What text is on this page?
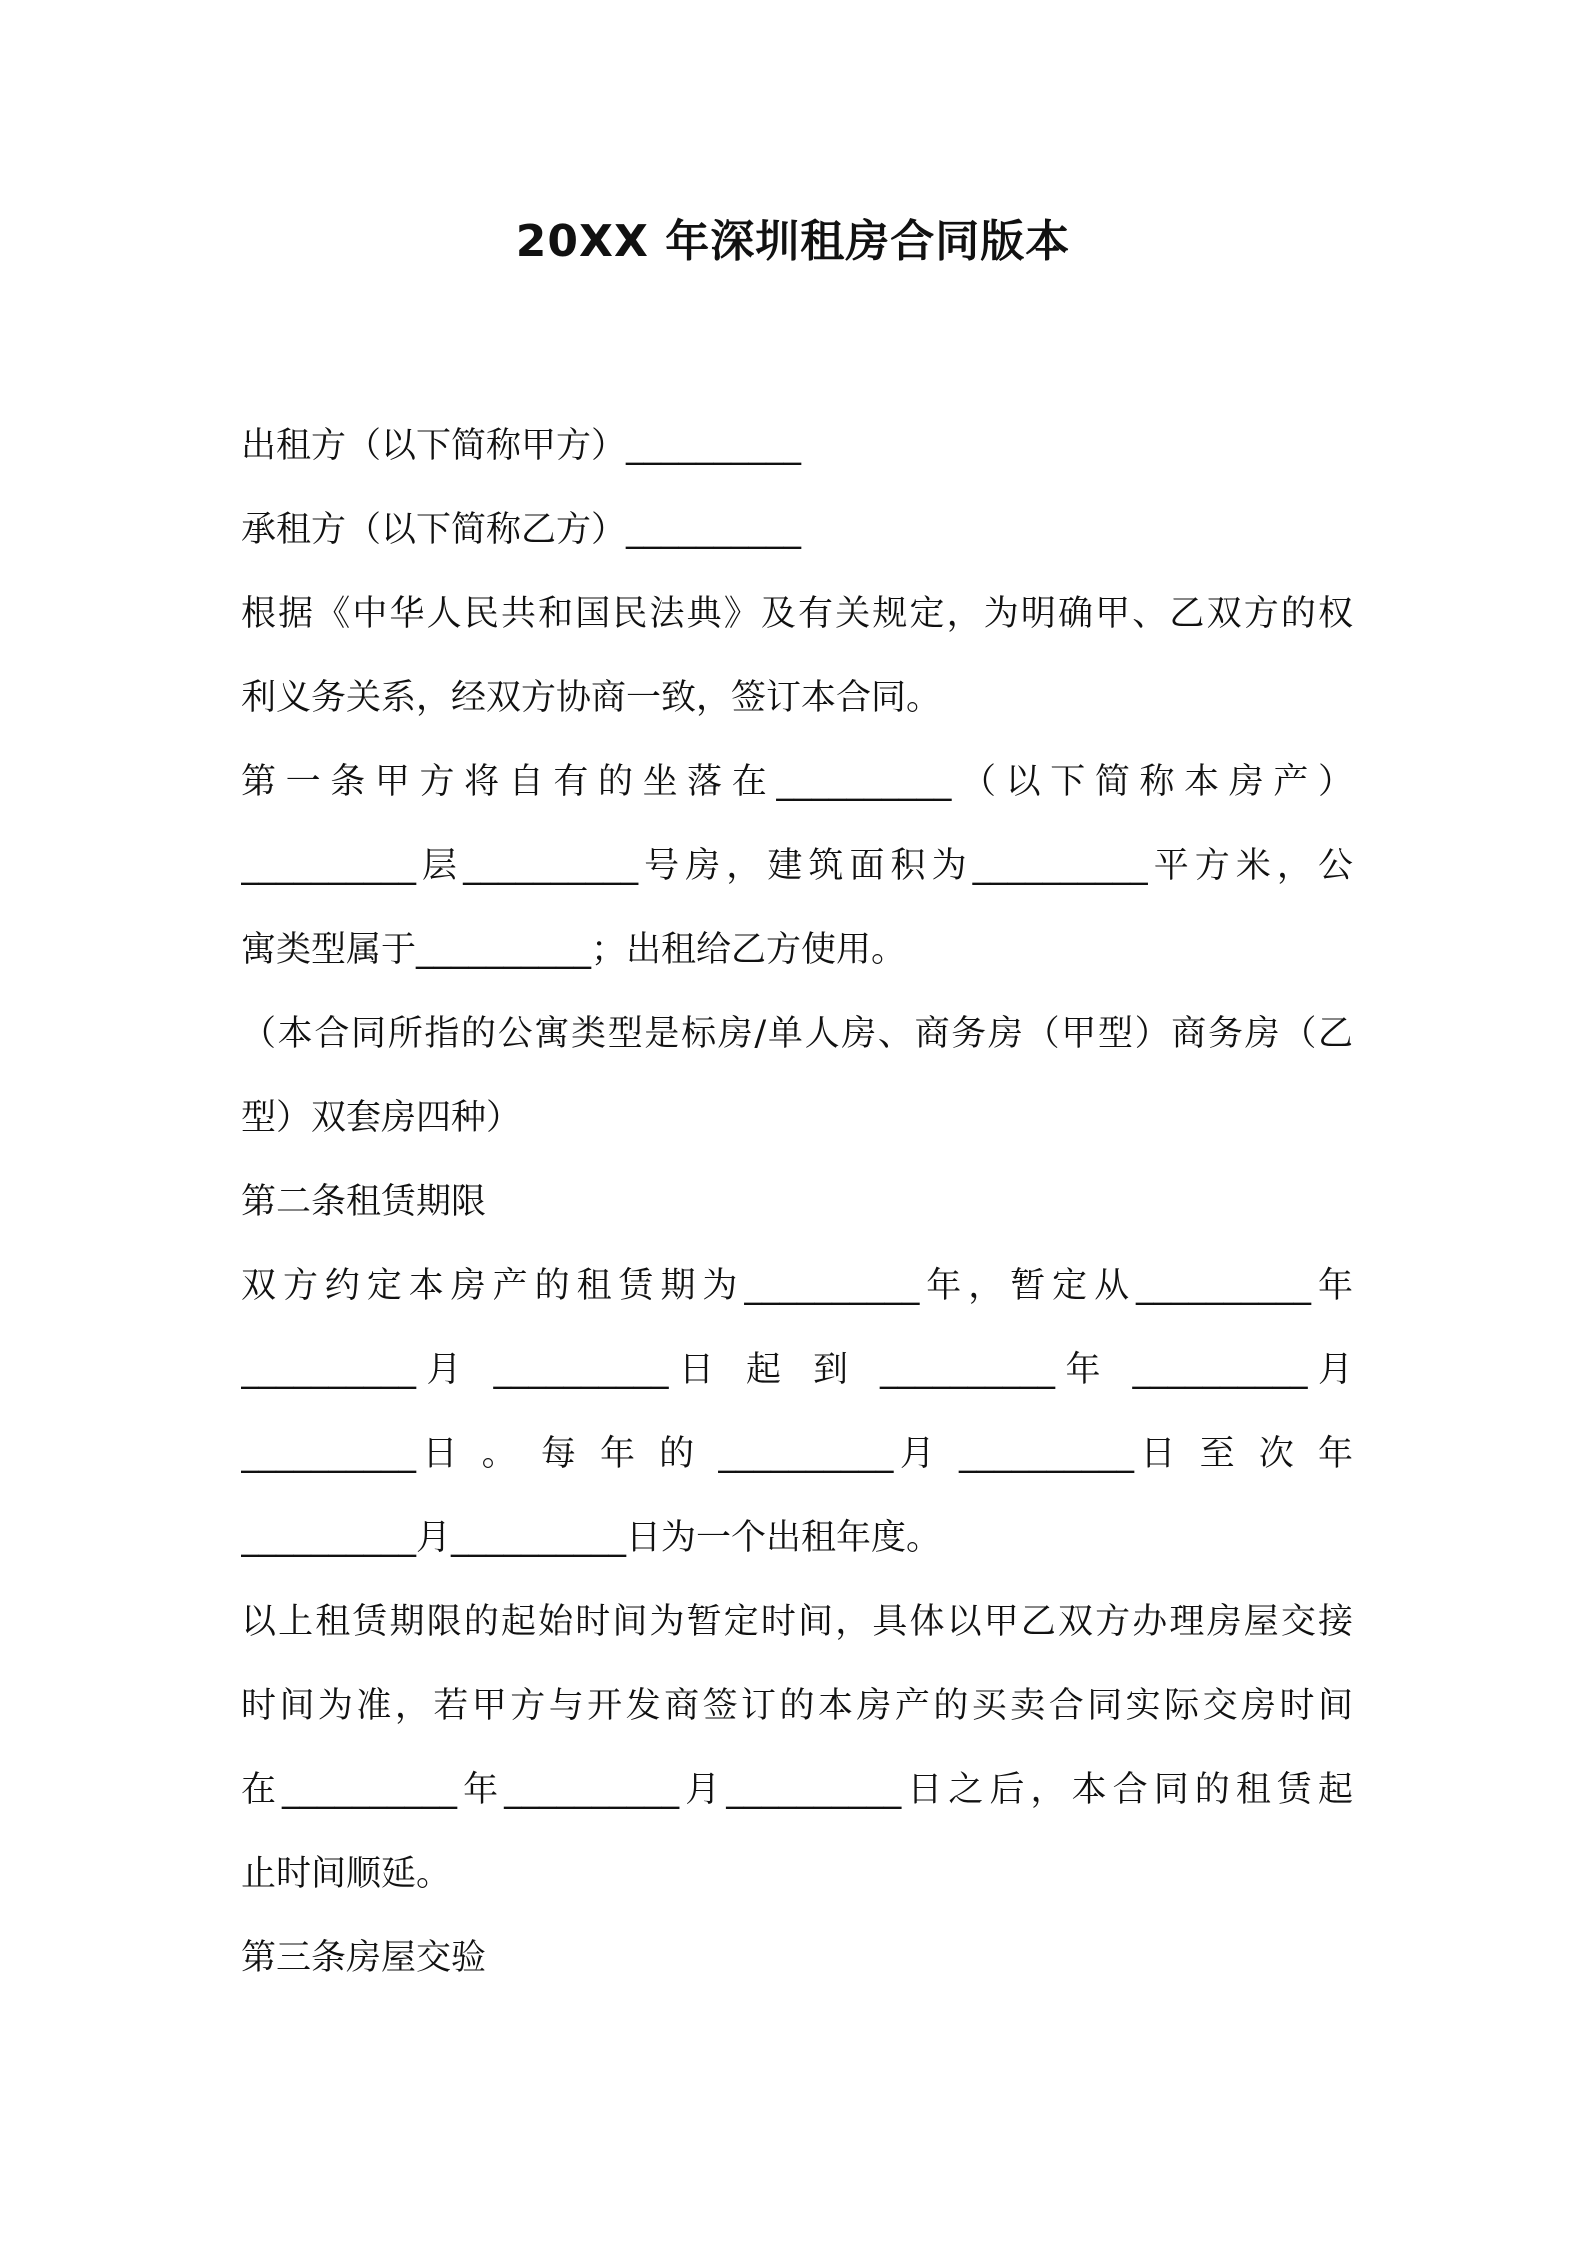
20XX 年深圳租房合同版本
出租方（以下简称甲方）__________
承租方（以下简称乙方）__________
根据《中华人民共和国民法典》及有关规定，为明确甲、乙双方的权
利义务关系，经双方协商一致，签订本合同。
第一条甲方将自有的坐落在__________（以下简称本房产）
__________层__________号房，建筑面积为__________平方米，公
寓类型属于__________；出租给乙方使用。
（本合同所指的公寓类型是标房/单人房、商务房（甲型）商务房（乙
型）双套房四种）
第二条租赁期限
双方约定本房产的租赁期为__________年，暂定从__________年
__________月 __________日 起 到 __________年 __________月
__________日 。 每 年 的 __________月 __________日 至 次 年
__________月__________日为一个出租年度。
以上租赁期限的起始时间为暂定时间，具体以甲乙双方办理房屋交接
时间为准，若甲方与开发商签订的本房产的买卖合同实际交房时间
在__________年__________月__________日之后，本合同的租赁起
止时间顺延。
第三条房屋交验
